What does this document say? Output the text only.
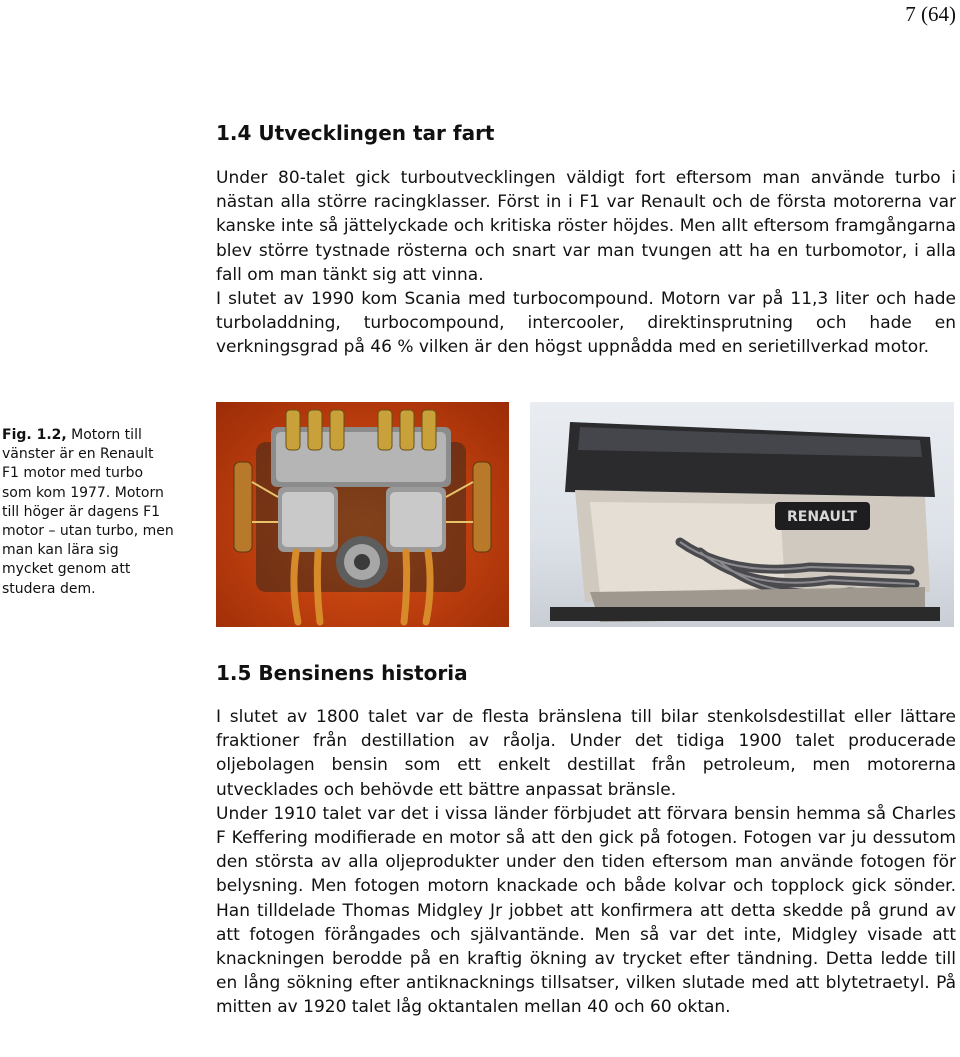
7 (64)
1.4 Utvecklingen tar fart

Under 80-talet gick turboutvecklingen väldigt fort eftersom man använde turbo i nästan alla större racingklasser. Först in i F1 var Renault och de första motorerna var kanske inte så jättelyckade och kritiska röster höjdes. Men allt eftersom framgångarna blev större tystnade rösterna och snart var man tvungen att ha en turbomotor, i alla fall om man tänkt sig att vinna.

I slutet av 1990 kom Scania med turbocompound. Motorn var på 11,3 liter och hade turboladdning, turbocompound, intercooler, direktinsprutning och hade en verkningsgrad på 46 % vilken är den högst uppnådda med en serietillverkad motor.

Fig. 1.2, Motorn till vänster är en Renault F1 motor med turbo som kom 1977. Motorn till höger är dagens F1 motor – utan turbo, men man kan lära sig mycket genom att studera dem.
RENAULT
1.5 Bensinens historia

I slutet av 1800 talet var de flesta bränslena till bilar stenkolsdestillat eller lättare fraktioner från destillation av råolja. Under det tidiga 1900 talet producerade oljebolagen bensin som ett enkelt destillat från petroleum, men motorerna utvecklades och behövde ett bättre anpassat bränsle.

Under 1910 talet var det i vissa länder förbjudet att förvara bensin hemma så Charles F Keffering modifierade en motor så att den gick på fotogen. Fotogen var ju dessutom den största av alla oljeprodukter under den tiden eftersom man använde fotogen för belysning. Men fotogen motorn knackade och både kolvar och topplock gick sönder. Han tilldelade Thomas Midgley Jr jobbet att konfirmera att detta skedde på grund av att fotogen förångades och självantände. Men så var det inte, Midgley visade att knackningen berodde på en kraftig ökning av trycket efter tändning. Detta ledde till en lång sökning efter antiknacknings tillsatser, vilken slutade med att blytetraetyl. På mitten av 1920 talet låg oktantalen mellan 40 och 60 oktan.
